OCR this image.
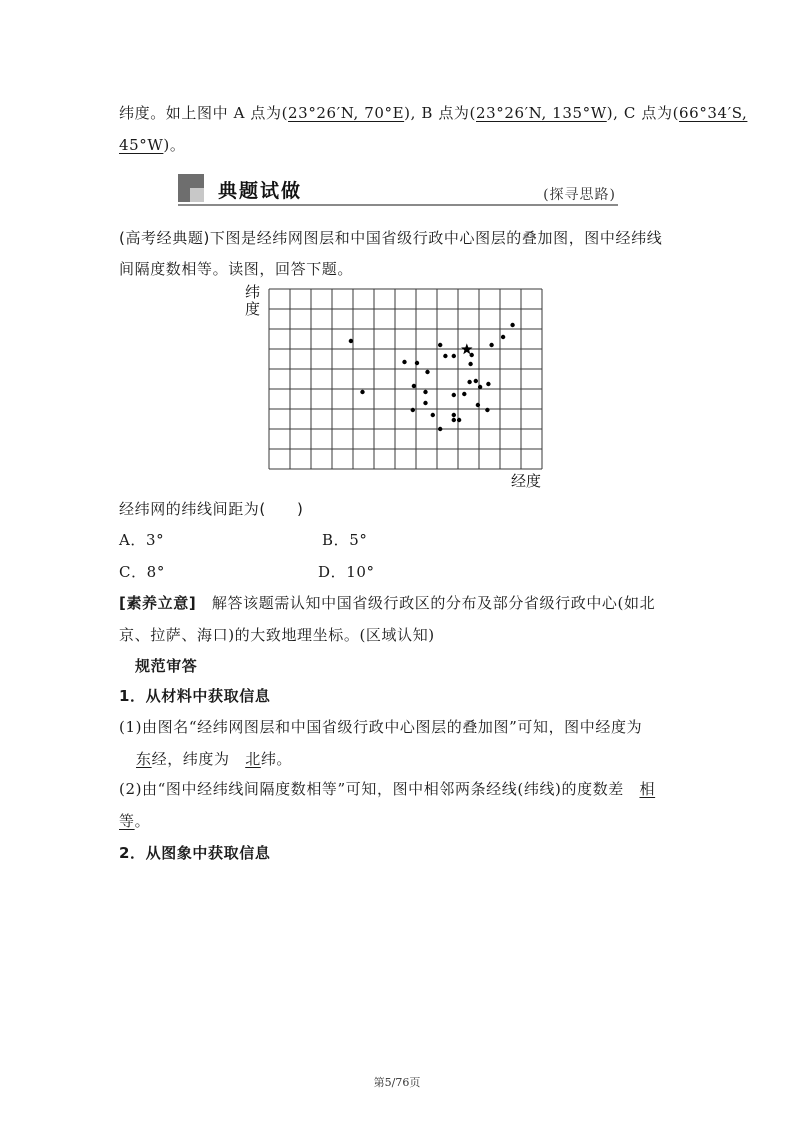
纬度。如上图中 A 点为(23°26′N, 70°E), B 点为(23°26′N, 135°W), C 点为(66°34′S,
45°W)。
典题试做	(探寻思路)
(高考经典题)下图是经纬网图层和中国省级行政中心图层的叠加图，图中经纬线
间隔度数相等。读图，回答下题。
纬
度
经度
经纬网的纬线间距为(　　)
A．3°	B．5°
C．8°	D．10°
[素养立意]　解答该题需认知中国省级行政区的分布及部分省级行政中心(如北
京、拉萨、海口)的大致地理坐标。(区域认知)
规范审答
1．从材料中获取信息
(1)由图名“经纬网图层和中国省级行政中心图层的叠加图”可知，图中经度为
东经，纬度为　北纬。
(2)由“图中经纬线间隔度数相等”可知，图中相邻两条经线(纬线)的度数差　相
等。
2．从图象中获取信息
第5/76页
